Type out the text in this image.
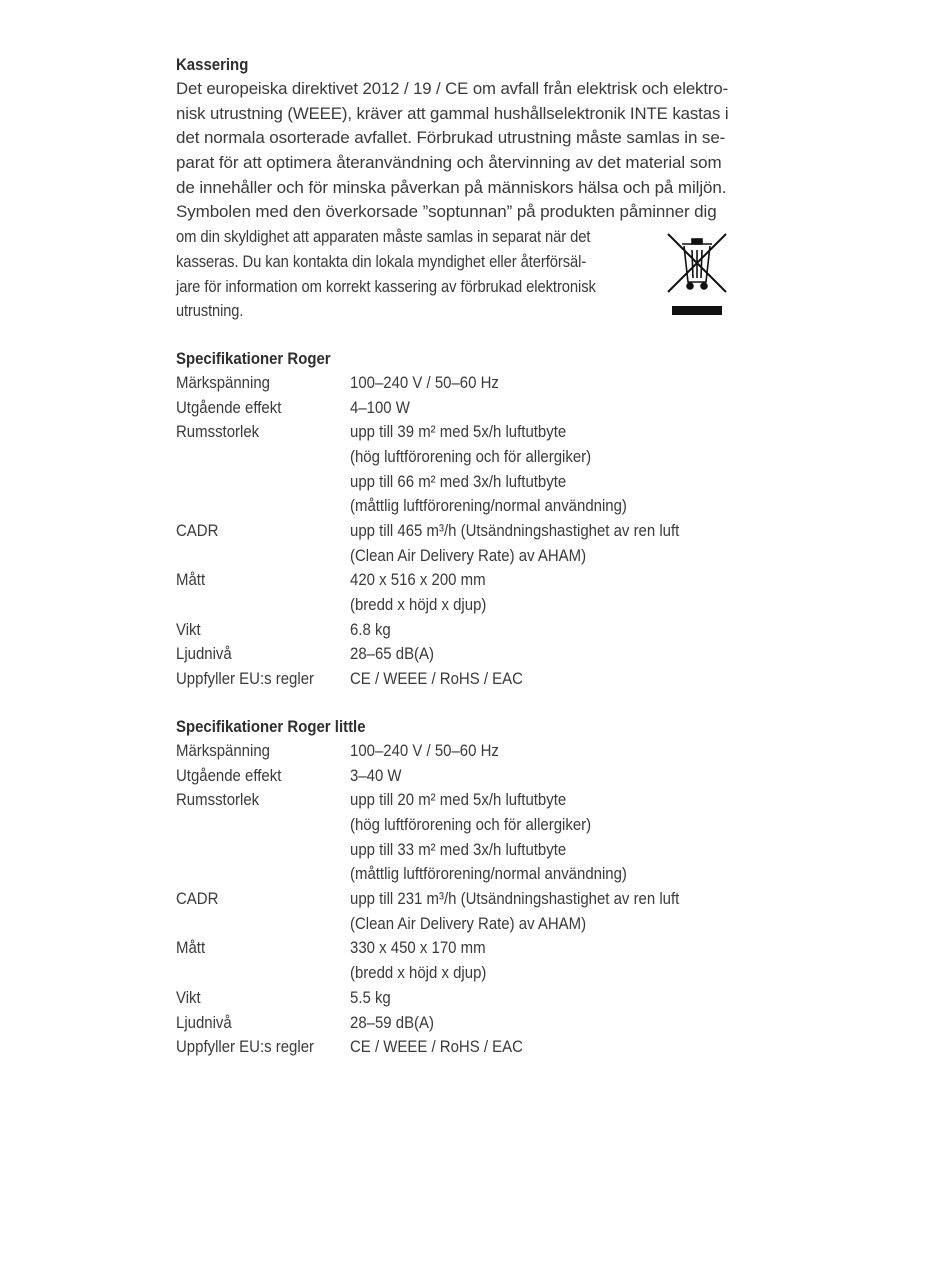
Kassering
Det europeiska direktivet 2012 / 19 / CE om avfall från elektrisk och elektro-
nisk utrustning (WEEE), kräver att gammal hushållselektronik INTE kastas i
det normala osorterade avfallet. Förbrukad utrustning måste samlas in se-
parat för att optimera återanvändning och återvinning av det material som
de innehåller och för minska påverkan på människors hälsa och på miljön.
Symbolen med den överkorsade ”soptunnan” på produkten påminner dig
om din skyldighet att apparaten måste samlas in separat när det
kasseras. Du kan kontakta din lokala myndighet eller återförsäl-
jare för information om korrekt kassering av förbrukad elektronisk
utrustning.
Specifikationer Roger
Märkspänning	100–240 V / 50–60 Hz
Utgående effekt	4–100 W
Rumsstorlek	upp till 39 m² med 5x/h luftutbyte
(hög luftförorening och för allergiker)
upp till 66 m² med 3x/h luftutbyte
(måttlig luftförorening/normal användning)
CADR	upp till 465 m³/h (Utsändningshastighet av ren luft
(Clean Air Delivery Rate) av AHAM)
Mått	420 x 516 x 200 mm
(bredd x höjd x djup)
Vikt	6.8 kg
Ljudnivå	28–65 dB(A)
Uppfyller EU:s regler	CE / WEEE / RoHS / EAC
Specifikationer Roger little
Märkspänning	100–240 V / 50–60 Hz
Utgående effekt	3–40 W
Rumsstorlek	upp till 20 m² med 5x/h luftutbyte
(hög luftförorening och för allergiker)
upp till 33 m² med 3x/h luftutbyte
(måttlig luftförorening/normal användning)
CADR	upp till 231 m³/h (Utsändningshastighet av ren luft
(Clean Air Delivery Rate) av AHAM)
Mått	330 x 450 x 170 mm
(bredd x höjd x djup)
Vikt	5.5 kg
Ljudnivå	28–59 dB(A)
Uppfyller EU:s regler	CE / WEEE / RoHS / EAC
